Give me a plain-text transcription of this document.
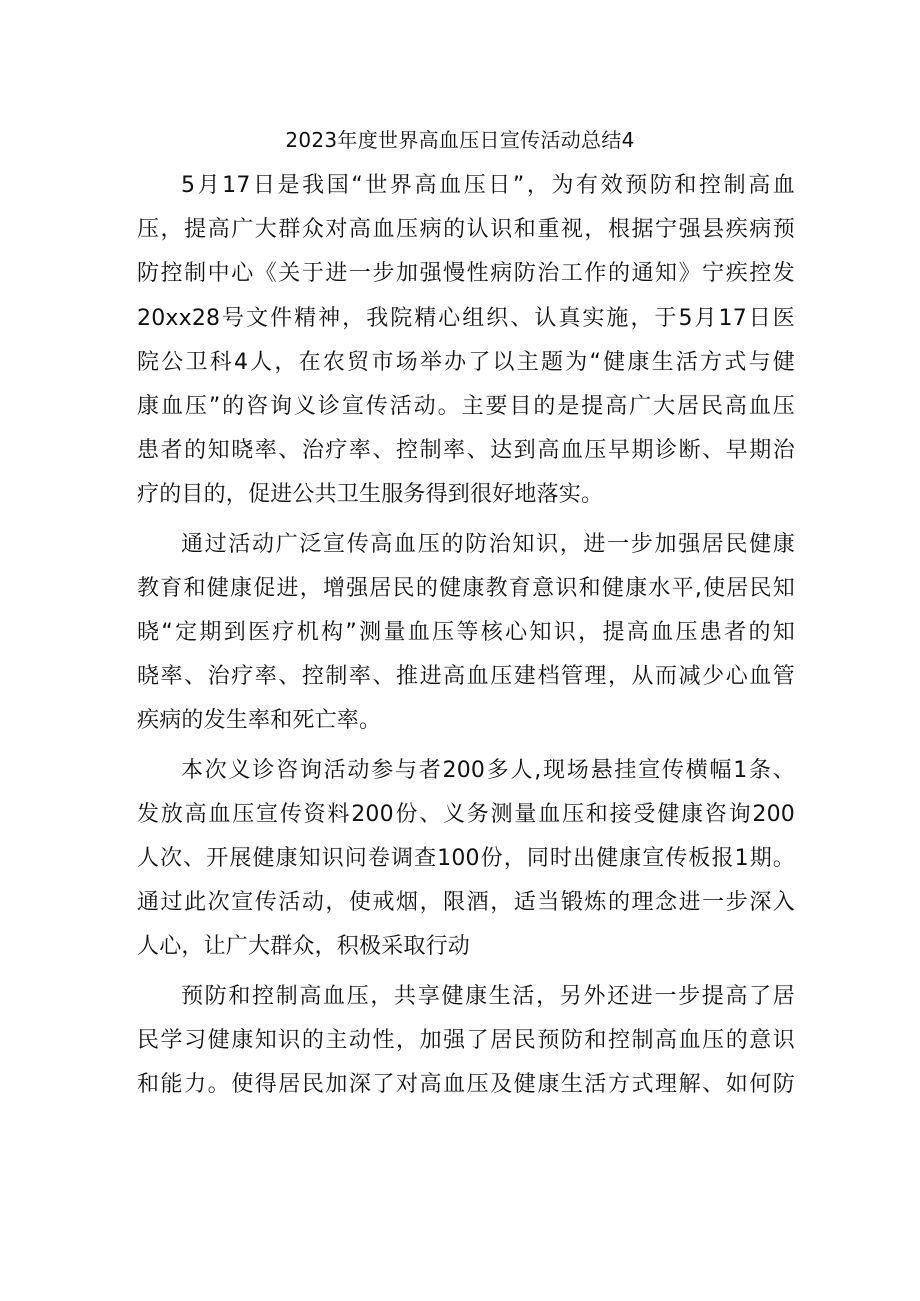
2023年度世界高血压日宣传活动总结4
5月17日是我国“世界高血压日”，为有效预防和控制高血
压，提高广大群众对高血压病的认识和重视，根据宁强县疾病预
防控制中心《关于进一步加强慢性病防治工作的通知》宁疾控发
20xx28号文件精神，我院精心组织、认真实施，于5月17日医
院公卫科4人，在农贸市场举办了以主题为“健康生活方式与健
康血压”的咨询义诊宣传活动。主要目的是提高广大居民高血压
患者的知晓率、治疗率、控制率、达到高血压早期诊断、早期治
疗的目的，促进公共卫生服务得到很好地落实。
通过活动广泛宣传高血压的防治知识，进一步加强居民健康
教育和健康促进，增强居民的健康教育意识和健康水平,使居民知
晓“定期到医疗机构”测量血压等核心知识，提高血压患者的知
晓率、治疗率、控制率、推进高血压建档管理，从而减少心血管
疾病的发生率和死亡率。
本次义诊咨询活动参与者200多人,现场悬挂宣传横幅1条、
发放高血压宣传资料200份、义务测量血压和接受健康咨询200
人次、开展健康知识问卷调查100份，同时出健康宣传板报1期。
通过此次宣传活动，使戒烟，限酒，适当锻炼的理念进一步深入
人心，让广大群众，积极采取行动
预防和控制高血压，共享健康生活，另外还进一步提高了居
民学习健康知识的主动性，加强了居民预防和控制高血压的意识
和能力。使得居民加深了对高血压及健康生活方式理解、如何防
